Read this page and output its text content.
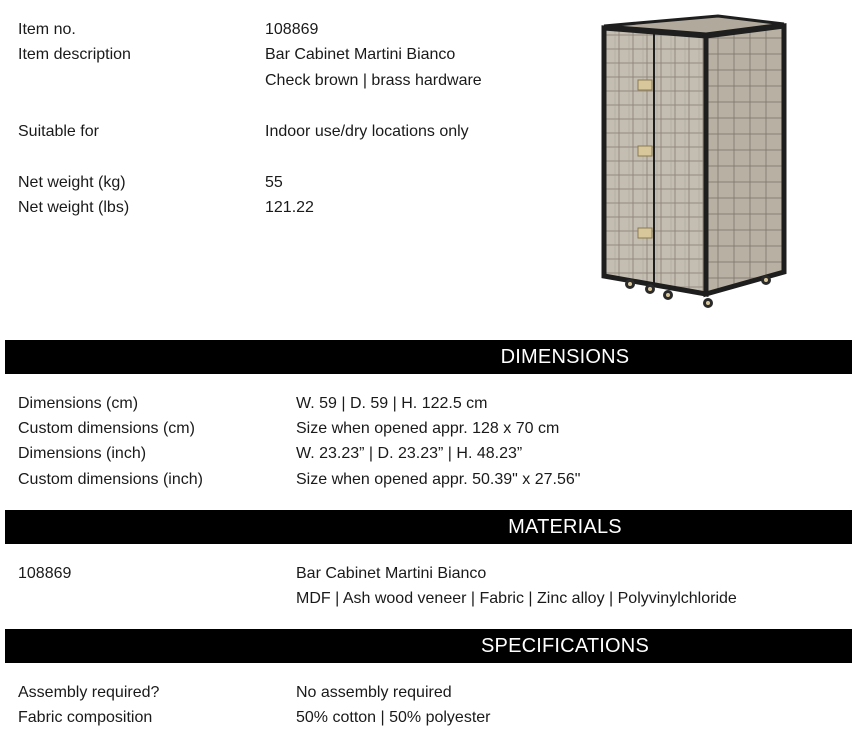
Item no.	108869
Item description	Bar Cabinet Martini Bianco
Check brown | brass hardware
Suitable for	Indoor use/dry locations only
Net weight (kg)	55
Net weight (lbs)	121.22
DIMENSIONS
Dimensions (cm)	W. 59 | D. 59 | H. 122.5 cm
Custom dimensions (cm)	Size when opened appr. 128 x 70 cm
Dimensions (inch)	W. 23.23” | D. 23.23” | H. 48.23”
Custom dimensions (inch)	Size when opened appr. 50.39" x 27.56"
MATERIALS
108869	Bar Cabinet Martini Bianco
MDF | Ash wood veneer | Fabric | Zinc alloy | Polyvinylchloride
SPECIFICATIONS
Assembly required?	No assembly required
Fabric composition	50% cotton | 50% polyester
